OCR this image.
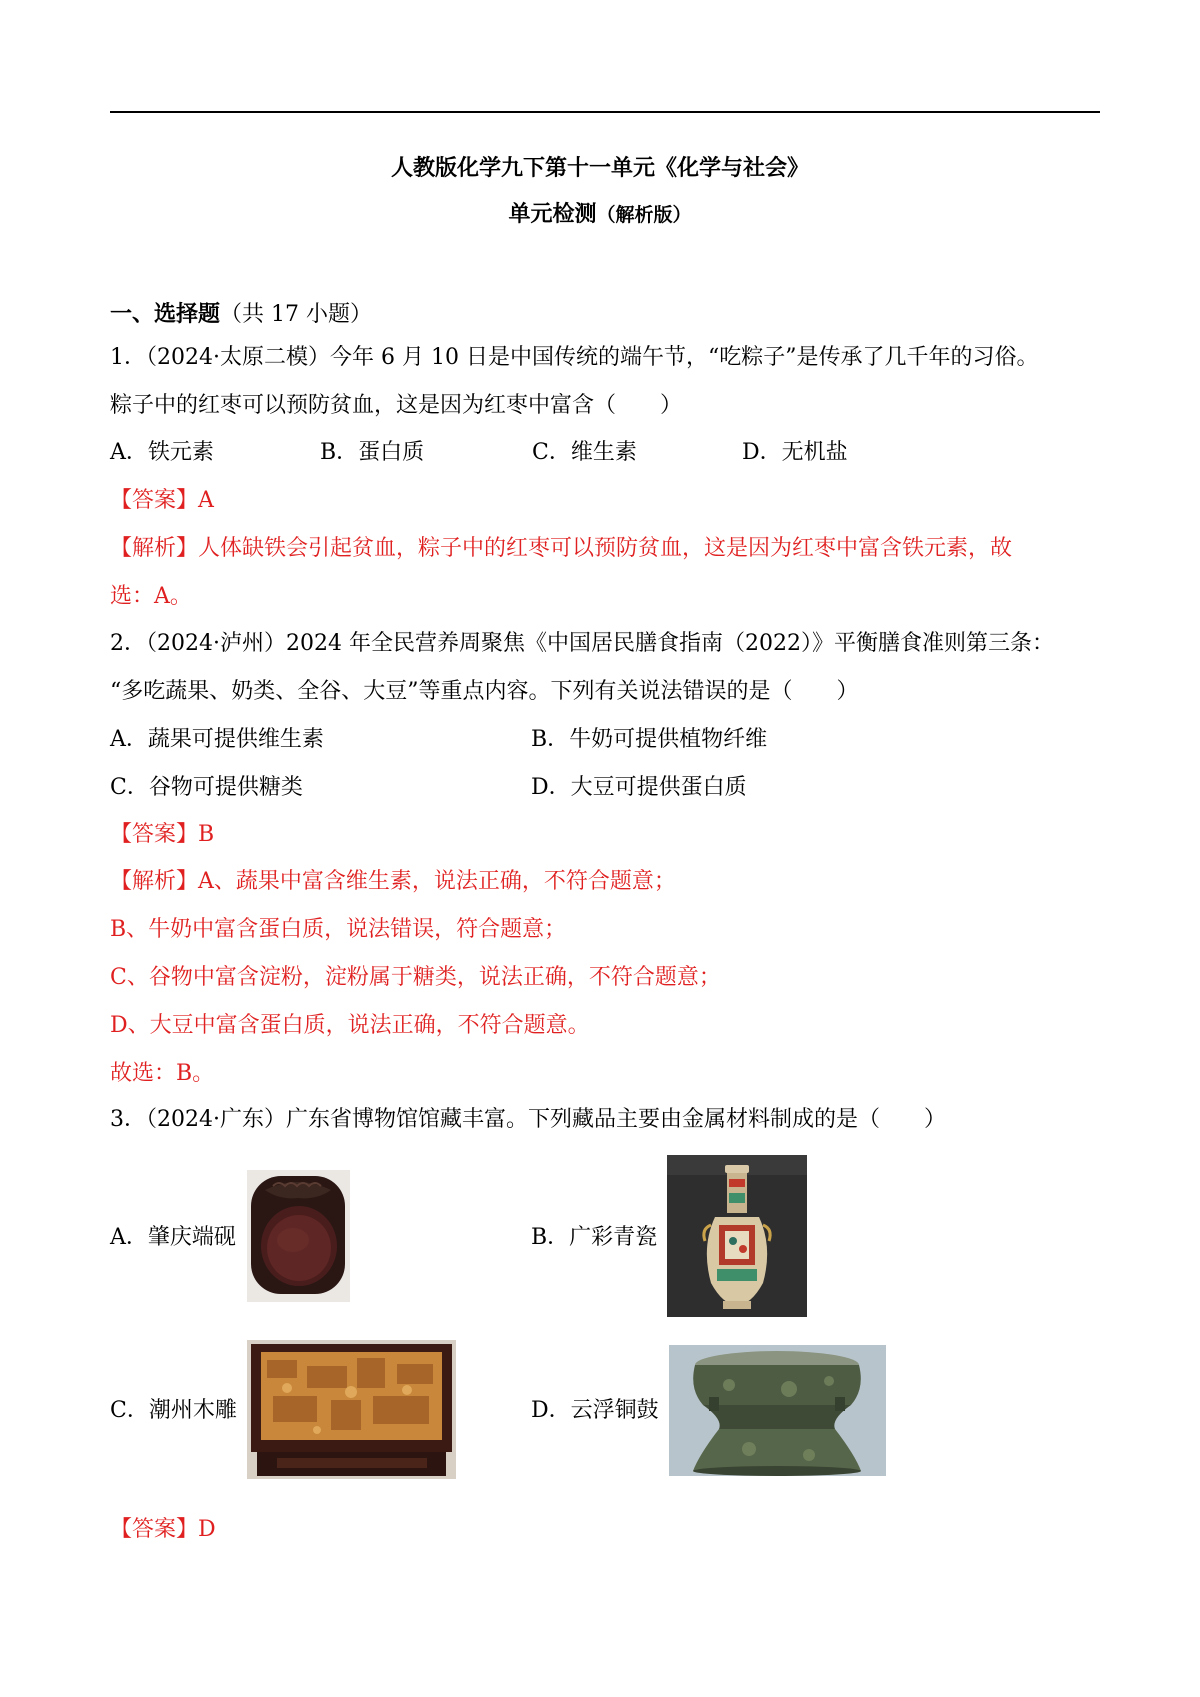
人教版化学九下第十一单元《化学与社会》
单元检测（解析版）
一、选择题（共 17 小题）
1．（2024·太原二模）今年 6 月 10 日是中国传统的端午节，“吃粽子”是传承了几千年的习俗。
粽子中的红枣可以预防贫血，这是因为红枣中富含（　　）
A．铁元素	B．蛋白质	C．维生素	D．无机盐
【答案】A
【解析】人体缺铁会引起贫血，粽子中的红枣可以预防贫血，这是因为红枣中富含铁元素，故
选：A。
2．（2024·泸州）2024 年全民营养周聚焦《中国居民膳食指南（2022）》平衡膳食准则第三条：
“多吃蔬果、奶类、全谷、大豆”等重点内容。下列有关说法错误的是（　　）
A．蔬果可提供维生素	B．牛奶可提供植物纤维
C．谷物可提供糖类	D．大豆可提供蛋白质
【答案】B
【解析】A、蔬果中富含维生素，说法正确，不符合题意；
B、牛奶中富含蛋白质，说法错误，符合题意；
C、谷物中富含淀粉，淀粉属于糖类，说法正确，不符合题意；
D、大豆中富含蛋白质，说法正确，不符合题意。
故选：B。
3．（2024·广东）广东省博物馆馆藏丰富。下列藏品主要由金属材料制成的是（　　）
A．肇庆端砚	B．广彩青瓷
C．潮州木雕	D．云浮铜鼓
【答案】D
